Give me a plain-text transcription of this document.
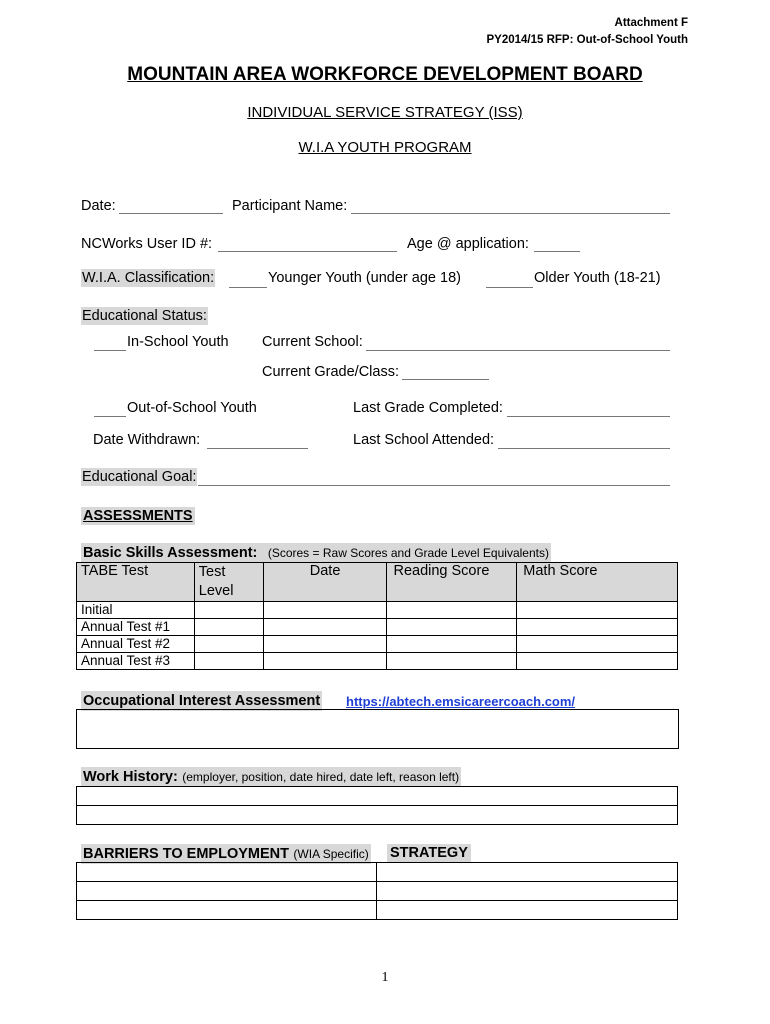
Attachment F
PY2014/15 RFP: Out-of-School Youth
MOUNTAIN AREA WORKFORCE DEVELOPMENT BOARD
INDIVIDUAL SERVICE STRATEGY (ISS)
W.I.A YOUTH PROGRAM
Date:	Participant Name:
NCWorks User ID #:	Age @ application:
W.I.A. Classification:	Younger Youth (under age 18)	Older Youth (18-21)
Educational Status:
In-School Youth Current School:
Current Grade/Class:
Out-of-School Youth	Last Grade Completed:
Date Withdrawn:	Last School Attended:
Educational Goal:
ASSESSMENTS
Basic Skills Assessment: (Scores = Raw Scores and Grade Level Equivalents)
TABE Test	Test Level	Date	Reading Score	Math Score
Initial				
Annual Test #1				
Annual Test #2				
Annual Test #3				
Occupational Interest Assessment https://abtech.emsicareercoach.com/
Work History: (employer, position, date hired, date left, reason left)

BARRIERS TO EMPLOYMENT (WIA Specific) STRATEGY

1
